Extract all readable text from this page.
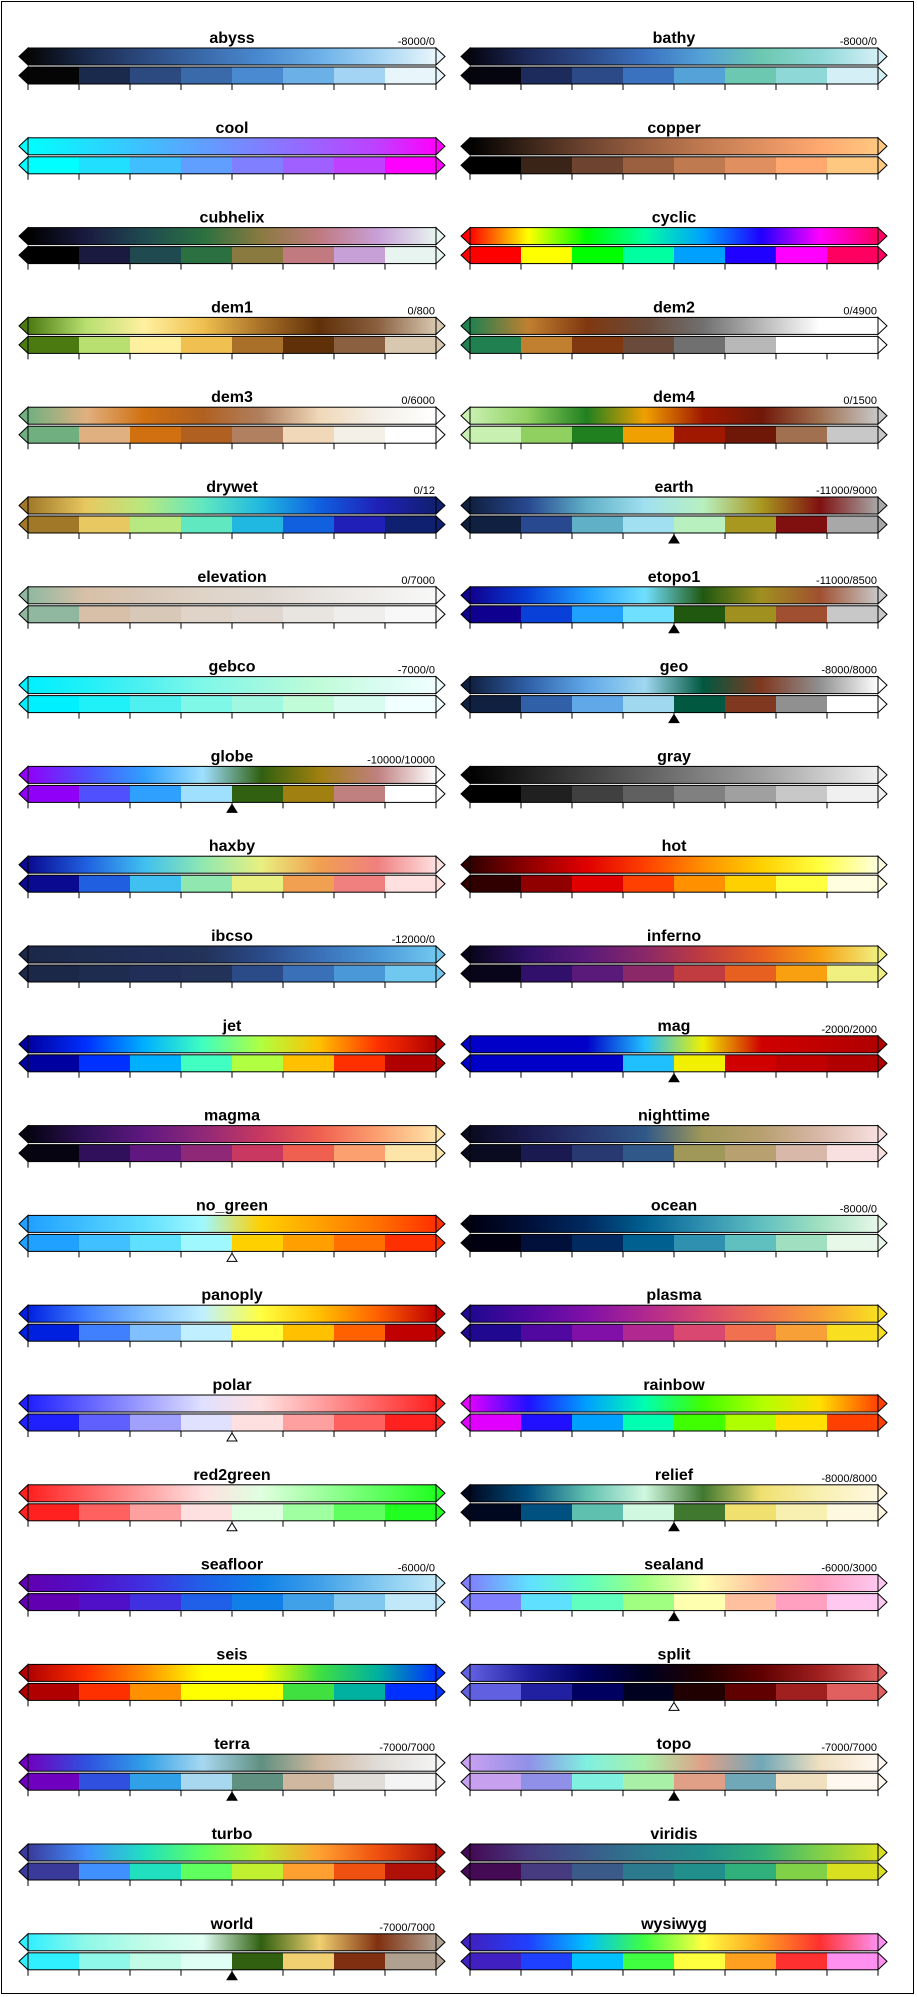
abyss	-8000/0	bathy	-8000/0
cool	copper
cubhelix	cyclic
dem1	0/800	dem2	0/4900
dem3	0/6000	dem4	0/1500
drywet	0/12	earth	-11000/9000
elevation	0/7000	etopo1	-11000/8500
gebco	-7000/0	geo	-8000/8000
globe	-10000/10000	gray
haxby	hot
ibcso	-12000/0	inferno
jet	mag	-2000/2000
magma	nighttime
no_green	ocean	-8000/0
panoply	plasma
polar	rainbow
red2green	relief	-8000/8000
seafloor	-6000/0	sealand	-6000/3000
seis	split
terra	-7000/7000	topo	-7000/7000
turbo	viridis
world	-7000/7000	wysiwyg
